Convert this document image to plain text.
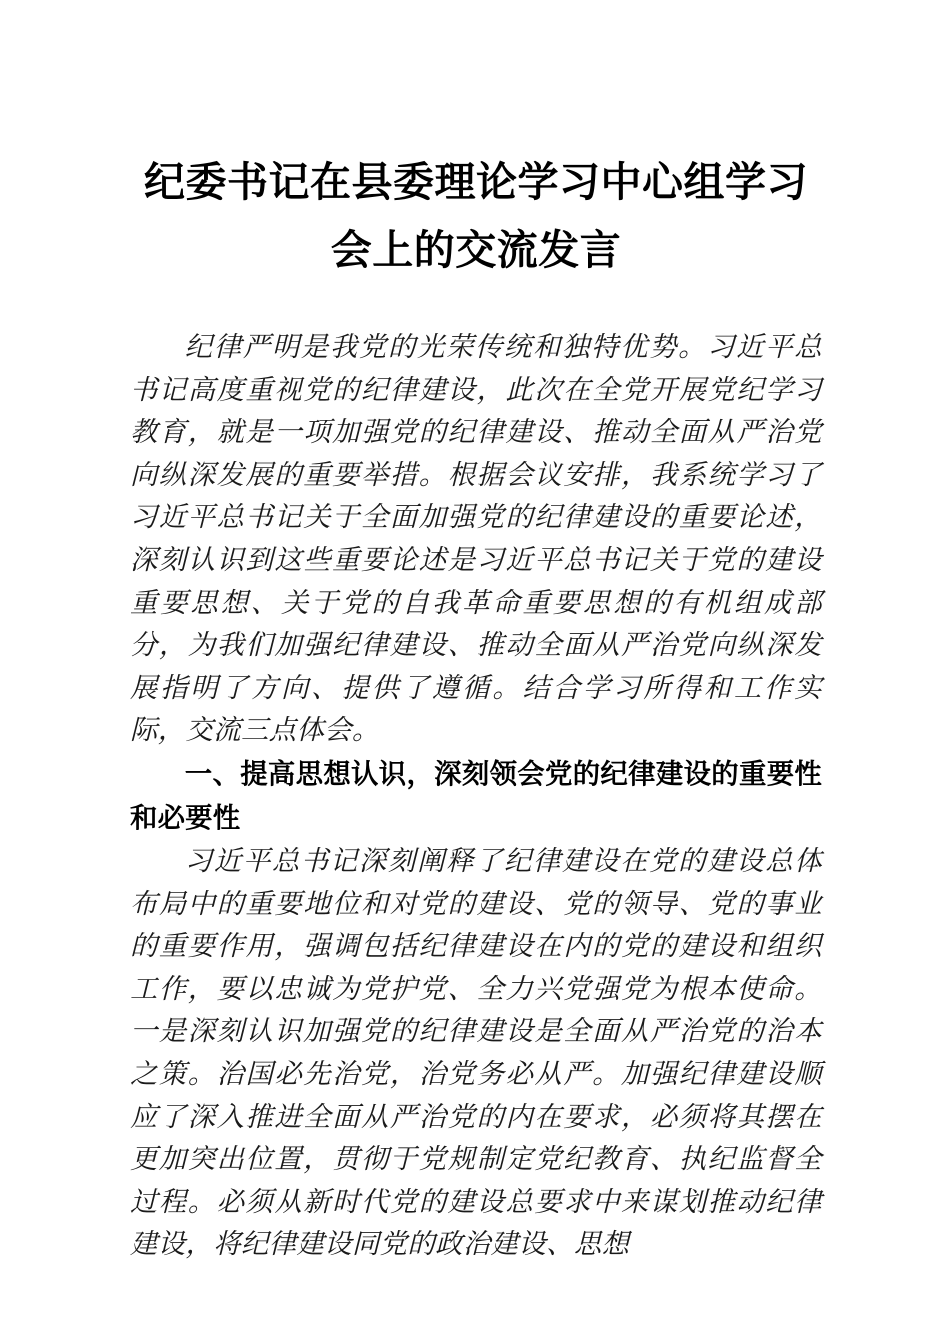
纪委书记在县委理论学习中心组学习会上的交流发言

纪律严明是我党的光荣传统和独特优势。习近平总书记高度重视党的纪律建设，此次在全党开展党纪学习教育，就是一项加强党的纪律建设、推动全面从严治党向纵深发展的重要举措。根据会议安排，我系统学习了习近平总书记关于全面加强党的纪律建设的重要论述，深刻认识到这些重要论述是习近平总书记关于党的建设重要思想、关于党的自我革命重要思想的有机组成部分，为我们加强纪律建设、推动全面从严治党向纵深发展指明了方向、提供了遵循。结合学习所得和工作实际，交流三点体会。

一、提高思想认识，深刻领会党的纪律建设的重要性和必要性

习近平总书记深刻阐释了纪律建设在党的建设总体布局中的重要地位和对党的建设、党的领导、党的事业的重要作用，强调包括纪律建设在内的党的建设和组织工作，要以忠诚为党护党、全力兴党强党为根本使命。一是深刻认识加强党的纪律建设是全面从严治党的治本之策。治国必先治党，治党务必从严。加强纪律建设顺应了深入推进全面从严治党的内在要求，必须将其摆在更加突出位置，贯彻于党规制定党纪教育、执纪监督全过程。必须从新时代党的建设总要求中来谋划推动纪律建设，将纪律建设同党的政治建设、思想
